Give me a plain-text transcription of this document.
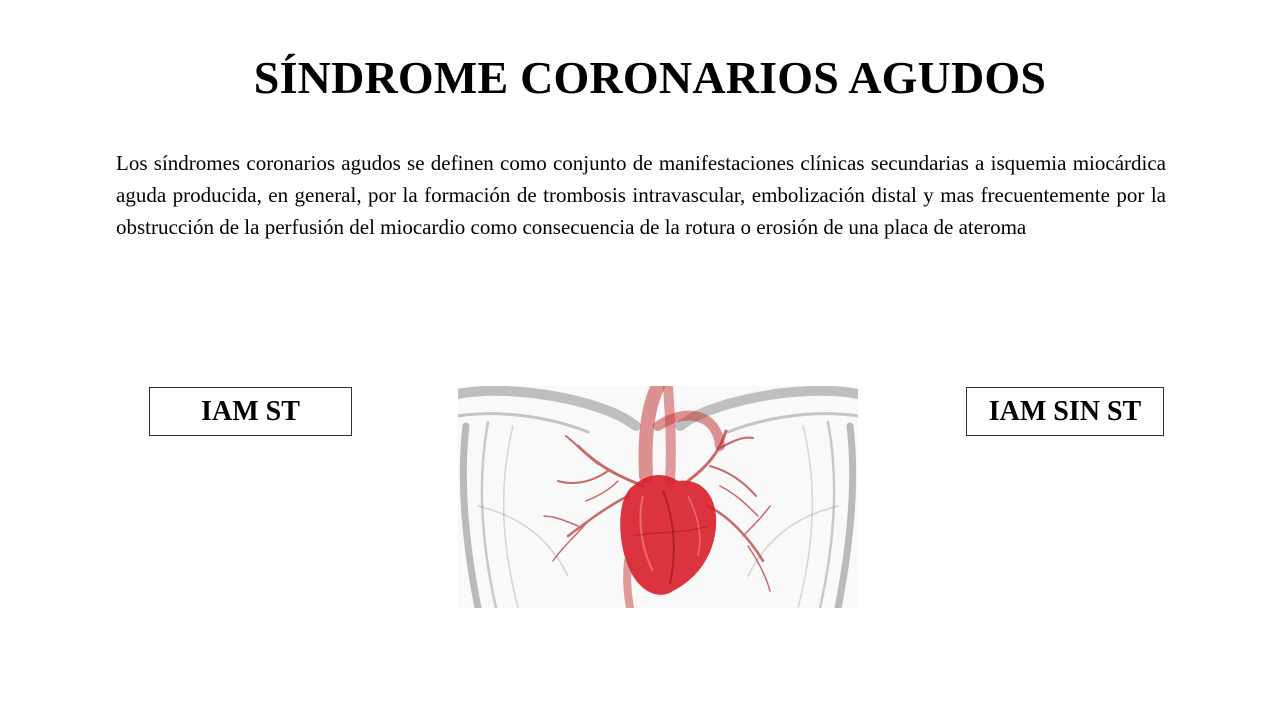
SÍNDROME CORONARIOS AGUDOS

Los síndromes coronarios agudos se definen como conjunto de manifestaciones clínicas secundarias a isquemia miocárdica aguda producida, en general, por la formación de trombosis intravascular, embolización distal y mas frecuentemente por la obstrucción de la perfusión del miocardio como consecuencia de la rotura o erosión de una placa de ateroma

IAM ST	IAM SIN ST
